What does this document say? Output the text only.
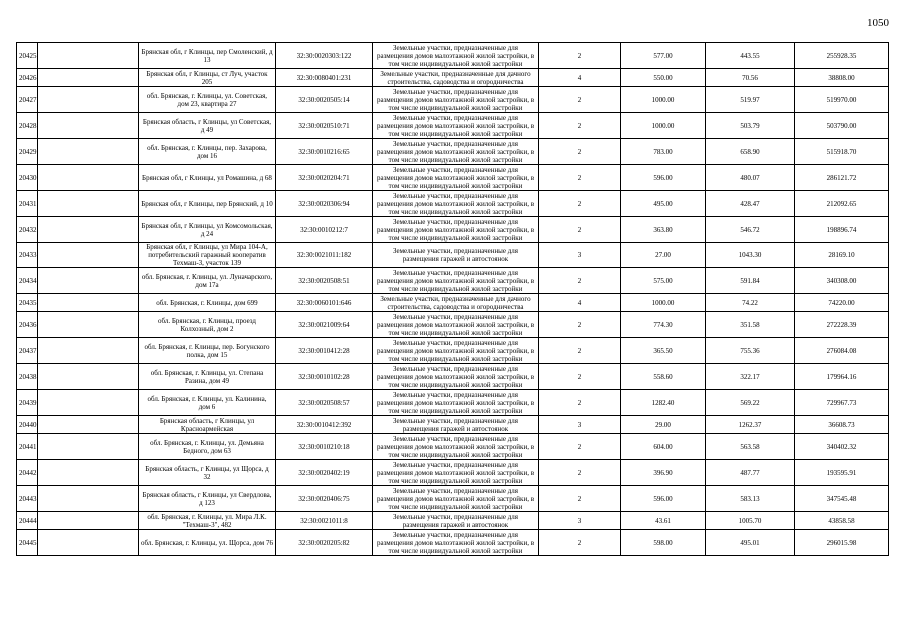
1050
20425		Брянская обл, г Клинцы, пер Смоленский, д 13	32:30:0020303:122	Земельные участки, предназначенные для размещения домов малоэтажной жилой застройки, в том числе индивидуальной жилой застройки	2	577.00	443.55	255928.35
20426		Брянская обл, г Клинцы, ст Луч, участок 205	32:30:0080401:231	Земельные участки, предназначенные для дачного строительства, садоводства и огородничества	4	550.00	70.56	38808.00
20427		обл. Брянская, г. Клинцы, ул. Советская, дом 23, квартира 27	32:30:0020505:14	Земельные участки, предназначенные для размещения домов малоэтажной жилой застройки, в том числе индивидуальной жилой застройки	2	1000.00	519.97	519970.00
20428		Брянская область, г Клинцы, ул Советская, д 49	32:30:0020510:71	Земельные участки, предназначенные для размещения домов малоэтажной жилой застройки, в том числе индивидуальной жилой застройки	2	1000.00	503.79	503790.00
20429		обл. Брянская, г. Клинцы, пер. Захарова, дом 16	32:30:0010216:65	Земельные участки, предназначенные для размещения домов малоэтажной жилой застройки, в том числе индивидуальной жилой застройки	2	783.00	658.90	515918.70
20430		Брянская обл, г Клинцы, ул Ромашина, д 68	32:30:0020204:71	Земельные участки, предназначенные для размещения домов малоэтажной жилой застройки, в том числе индивидуальной жилой застройки	2	596.00	480.07	286121.72
20431		Брянская обл, г Клинцы, пер Брянский, д 10	32:30:0020306:94	Земельные участки, предназначенные для размещения домов малоэтажной жилой застройки, в том числе индивидуальной жилой застройки	2	495.00	428.47	212092.65
20432		Брянская обл, г Клинцы, ул Комсомольская, д 24	32:30:0010212:7	Земельные участки, предназначенные для размещения домов малоэтажной жилой застройки, в том числе индивидуальной жилой застройки	2	363.80	546.72	198896.74
20433		Брянская обл, г Клинцы, ул Мира 104-А, потребительский гаражный кооператив Техмаш-3, участок 139	32:30:0021011:182	Земельные участки, предназначенные для размещения гаражей и автостоянок	3	27.00	1043.30	28169.10
20434		обл. Брянская, г. Клинцы, ул. Луначарского, дом 17а	32:30:0020508:51	Земельные участки, предназначенные для размещения домов малоэтажной жилой застройки, в том числе индивидуальной жилой застройки	2	575.00	591.84	340308.00
20435		обл. Брянская, г. Клинцы, дом 699	32:30:0060101:646	Земельные участки, предназначенные для дачного строительства, садоводства и огородничества	4	1000.00	74.22	74220.00
20436		обл. Брянская, г. Клинцы, проезд Колхозный, дом 2	32:30:0021009:64	Земельные участки, предназначенные для размещения домов малоэтажной жилой застройки, в том числе индивидуальной жилой застройки	2	774.30	351.58	272228.39
20437		обл. Брянская, г. Клинцы, пер. Богунского полка, дом 15	32:30:0010412:28	Земельные участки, предназначенные для размещения домов малоэтажной жилой застройки, в том числе индивидуальной жилой застройки	2	365.50	755.36	276084.08
20438		обл. Брянская, г. Клинцы, ул. Степана Разина, дом 49	32:30:0010102:28	Земельные участки, предназначенные для размещения домов малоэтажной жилой застройки, в том числе индивидуальной жилой застройки	2	558.60	322.17	179964.16
20439		обл. Брянская, г. Клинцы, ул. Калинина, дом 6	32:30:0020508:57	Земельные участки, предназначенные для размещения домов малоэтажной жилой застройки, в том числе индивидуальной жилой застройки	2	1282.40	569.22	729967.73
20440		Брянская область, г Клинцы, ул Красноармейская	32:30:0010412:392	Земельные участки, предназначенные для размещения гаражей и автостоянок	3	29.00	1262.37	36608.73
20441		обл. Брянская, г. Клинцы, ул. Демьяна Бедного, дом 63	32:30:0010210:18	Земельные участки, предназначенные для размещения домов малоэтажной жилой застройки, в том числе индивидуальной жилой застройки	2	604.00	563.58	340402.32
20442		Брянская область, г Клинцы, ул Щорса, д 32	32:30:0020402:19	Земельные участки, предназначенные для размещения домов малоэтажной жилой застройки, в том числе индивидуальной жилой застройки	2	396.90	487.77	193595.91
20443		Брянская область, г Клинцы, ул Свердлова, д 123	32:30:0020406:75	Земельные участки, предназначенные для размещения домов малоэтажной жилой застройки, в том числе индивидуальной жилой застройки	2	596.00	583.13	347545.48
20444		обл. Брянская, г. Клинцы, ул. Мира Л.К. "Техмаш-3", 482	32:30:0021011:8	Земельные участки, предназначенные для размещения гаражей и автостоянок	3	43.61	1005.70	43858.58
20445		обл. Брянская, г. Клинцы, ул. Щорса, дом 76	32:30:0020205:82	Земельные участки, предназначенные для размещения домов малоэтажной жилой застройки, в том числе индивидуальной жилой застройки	2	598.00	495.01	296015.98
